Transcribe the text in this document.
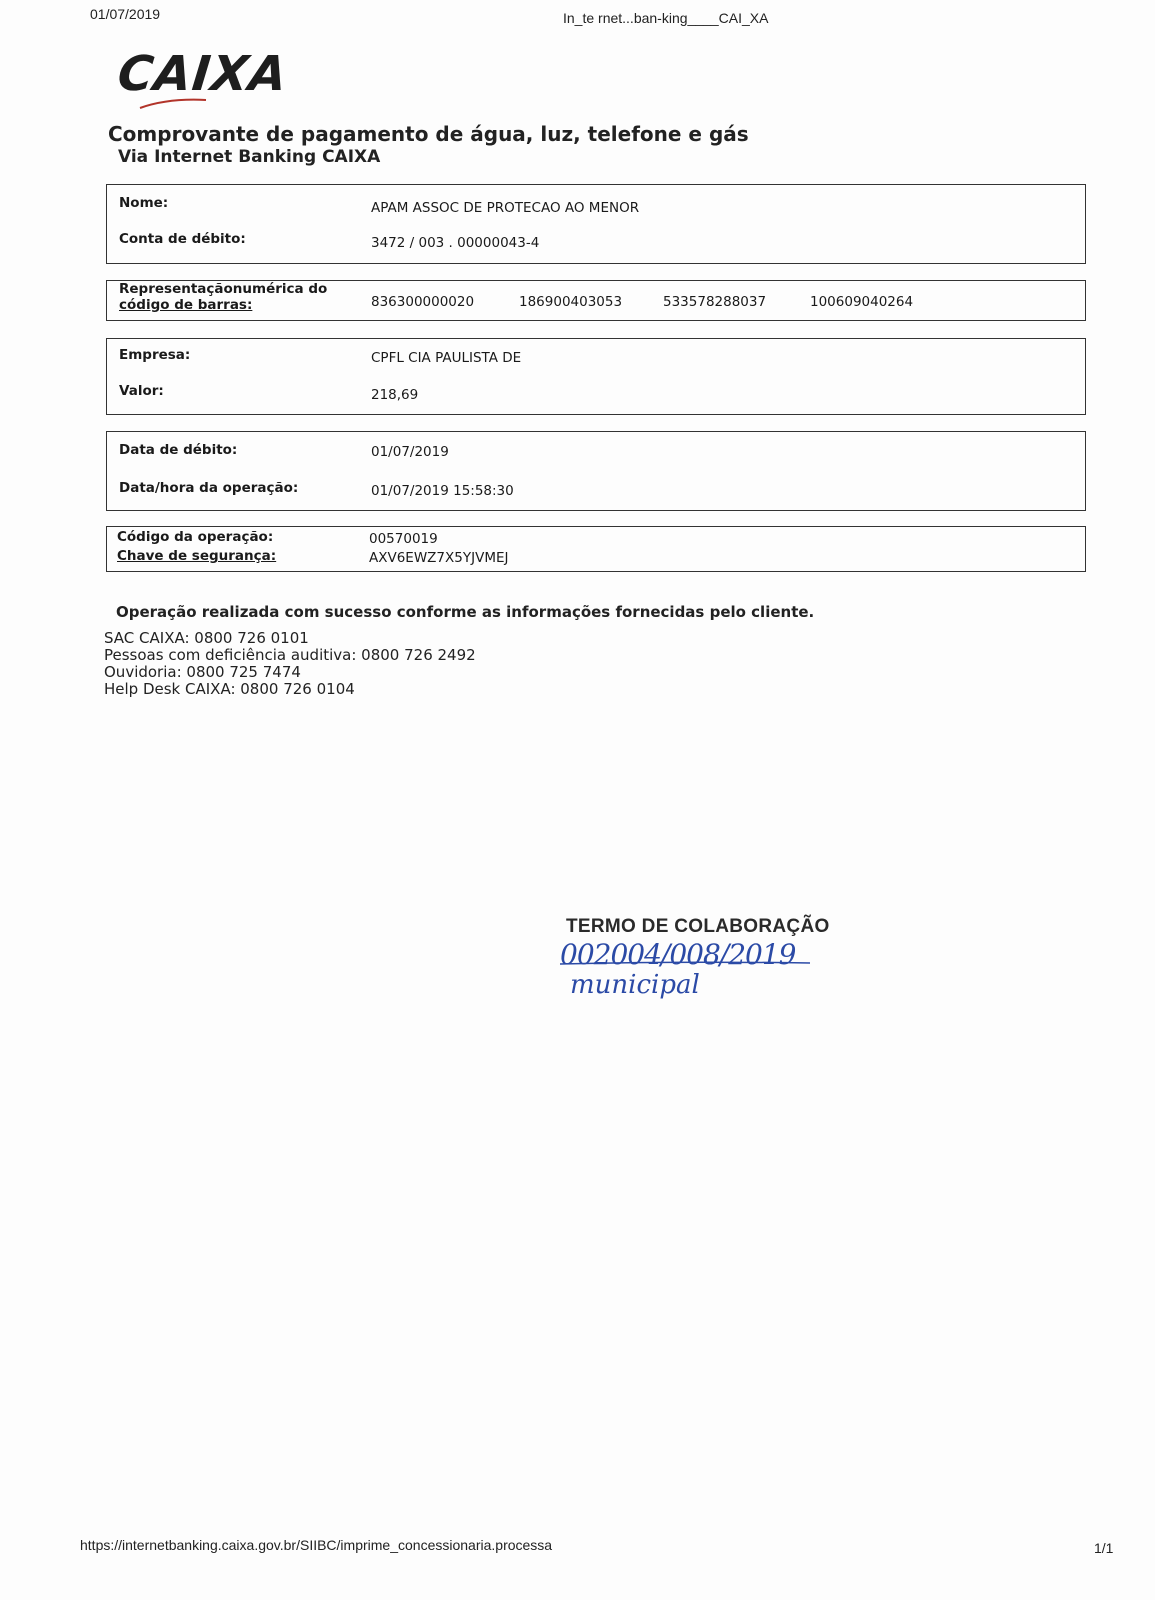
01/07/2019	In_te rnet...ban-king____CAI_XA
CAIXA
Comprovante de pagamento de água, luz, telefone e gás
Via Internet Banking CAIXA
Nome:	APAM ASSOC DE PROTECAO AO MENOR
Conta de débito:	3472 / 003 . 00000043-4
Representaçãonumérica do
código de barras:	836300000020	186900403053	533578288037	100609040264
Empresa:	CPFL CIA PAULISTA DE
Valor:	218,69
Data de débito:	01/07/2019
Data/hora da operação:	01/07/2019 15:58:30
Código da operação:	00570019
Chave de segurança:	AXV6EWZ7X5YJVMEJ
Operação realizada com sucesso conforme as informações fornecidas pelo cliente.
SAC CAIXA: 0800 726 0101
Pessoas com deficiência auditiva: 0800 726 2492
Ouvidoria: 0800 725 7474
Help Desk CAIXA: 0800 726 0104
TERMO DE COLABORAÇÃO
002004/008/2019
municipal
https://internetbanking.caixa.gov.br/SIIBC/imprime_concessionaria.processa	1/1
